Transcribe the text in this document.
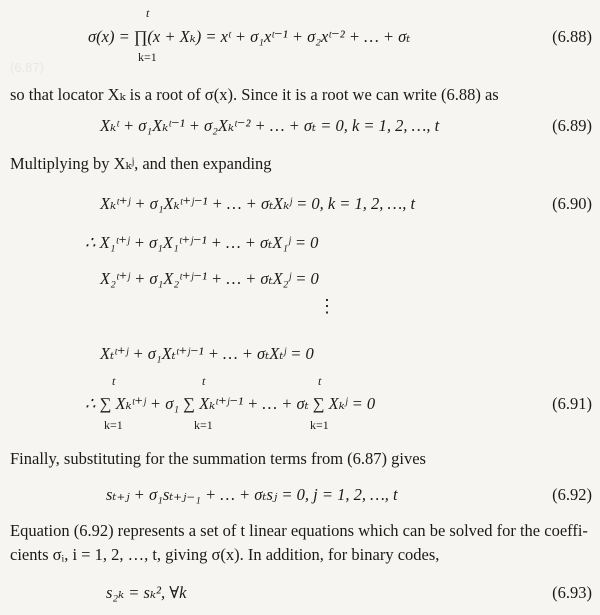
(6.87)
σ(x) = ∏(x + Xₖ) = xᵗ + σ₁xᵗ⁻¹ + σ₂xᵗ⁻² + … + σₜ
t
k=1
(6.88)
so that locator Xₖ is a root of σ(x). Since it is a root we can write (6.88) as
Xₖᵗ + σ₁Xₖᵗ⁻¹ + σ₂Xₖᵗ⁻² + … + σₜ = 0, k = 1, 2, …, t	(6.89)
Multiplying by Xₖʲ, and then expanding
Xₖᵗ⁺ʲ + σ₁Xₖᵗ⁺ʲ⁻¹ + … + σₜXₖʲ = 0, k = 1, 2, …, t	(6.90)
∴ X₁ᵗ⁺ʲ + σ₁X₁ᵗ⁺ʲ⁻¹ + … + σₜX₁ʲ = 0
X₂ᵗ⁺ʲ + σ₁X₂ᵗ⁺ʲ⁻¹ + … + σₜX₂ʲ = 0
⋮
Xₜᵗ⁺ʲ + σ₁Xₜᵗ⁺ʲ⁻¹ + … + σₜXₜʲ = 0
∴ ∑ Xₖᵗ⁺ʲ + σ₁ ∑ Xₖᵗ⁺ʲ⁻¹ + … + σₜ ∑ Xₖʲ = 0
t
k=1
t
k=1
t
k=1
(6.91)
Finally, substituting for the summation terms from (6.87) gives
sₜ₊ⱼ + σ₁sₜ₊ⱼ₋₁ + … + σₜsⱼ = 0, j = 1, 2, …, t	(6.92)
Equation (6.92) represents a set of t linear equations which can be solved for the coeffi-
cients σᵢ, i = 1, 2, …, t, giving σ(x). In addition, for binary codes,
s₂ₖ = sₖ², ∀k	(6.93)
